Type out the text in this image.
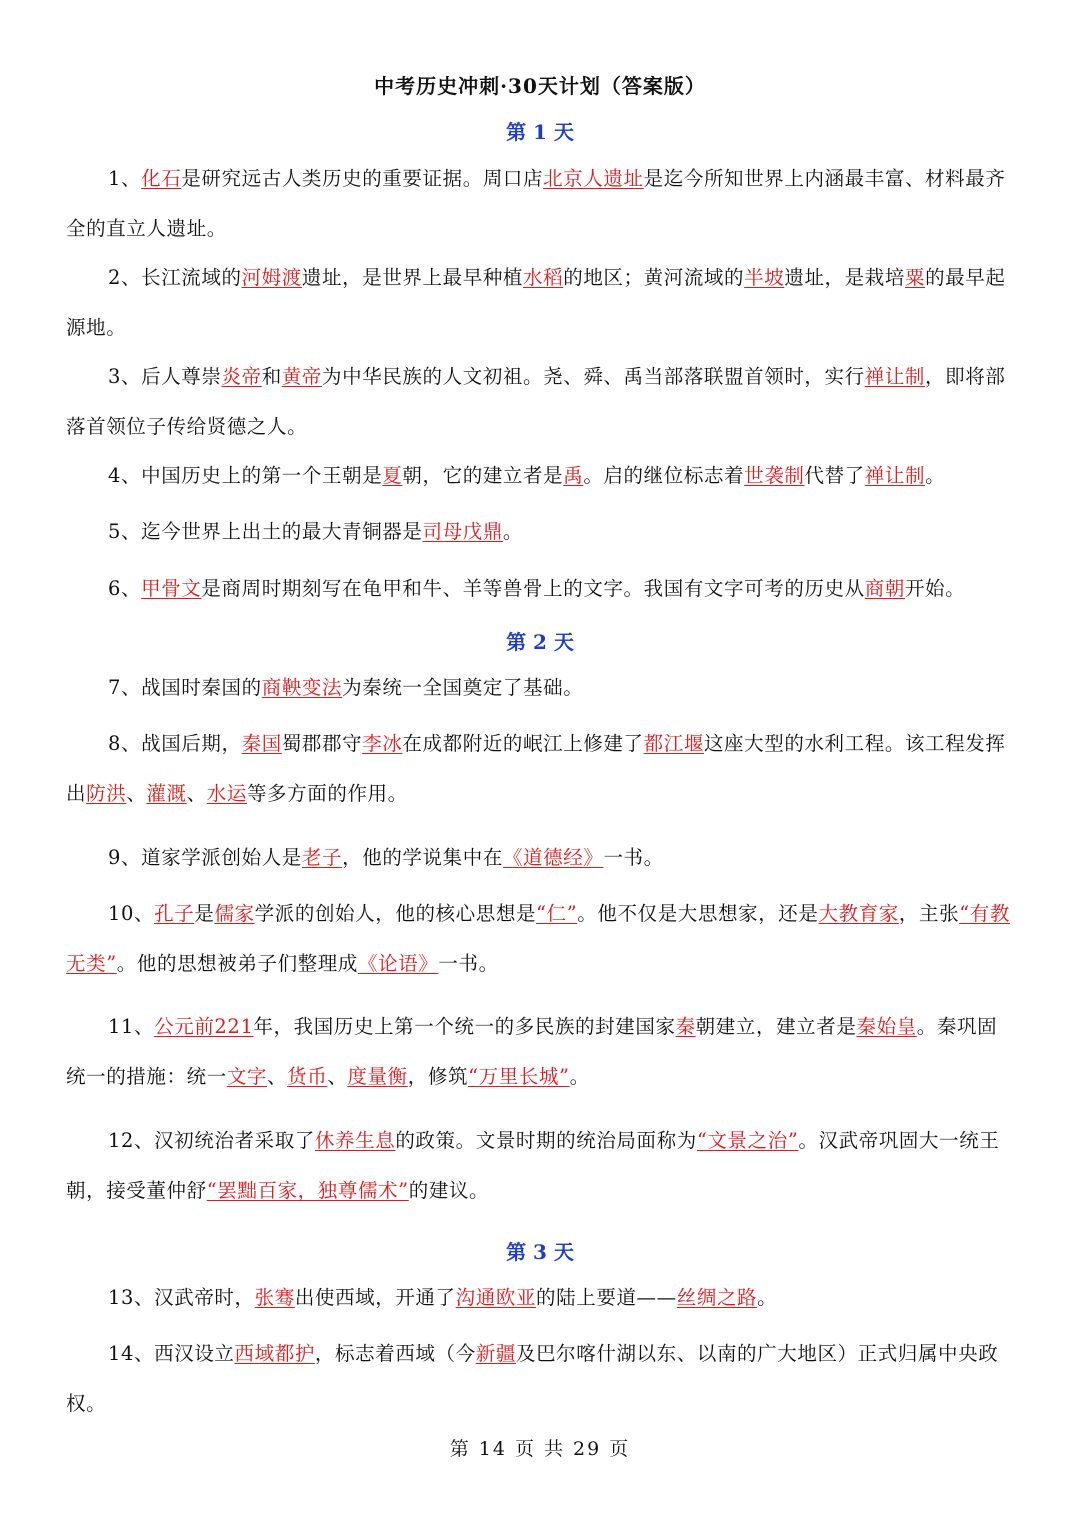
中考历史冲刺·30天计划（答案版）
第 1 天
1、化石是研究远古人类历史的重要证据。周口店北京人遗址是迄今所知世界上内涵最丰富、材料最齐全的直立人遗址。
2、长江流域的河姆渡遗址，是世界上最早种植水稻的地区；黄河流域的半坡遗址，是栽培粟的最早起源地。
3、后人尊崇炎帝和黄帝为中华民族的人文初祖。尧、舜、禹当部落联盟首领时，实行禅让制，即将部落首领位子传给贤德之人。
4、中国历史上的第一个王朝是夏朝，它的建立者是禹。启的继位标志着世袭制代替了禅让制。
5、迄今世界上出土的最大青铜器是司母戊鼎。
6、甲骨文是商周时期刻写在龟甲和牛、羊等兽骨上的文字。我国有文字可考的历史从商朝开始。
第 2 天
7、战国时秦国的商鞅变法为秦统一全国奠定了基础。
8、战国后期，秦国蜀郡郡守李冰在成都附近的岷江上修建了都江堰这座大型的水利工程。该工程发挥出防洪、灌溉、水运等多方面的作用。
9、道家学派创始人是老子，他的学说集中在《道德经》一书。
10、孔子是儒家学派的创始人，他的核心思想是“仁”。他不仅是大思想家，还是大教育家，主张“有教无类”。他的思想被弟子们整理成《论语》一书。
11、公元前221年，我国历史上第一个统一的多民族的封建国家秦朝建立，建立者是秦始皇。秦巩固统一的措施：统一文字、货币、度量衡，修筑“万里长城”。
12、汉初统治者采取了休养生息的政策。文景时期的统治局面称为“文景之治”。汉武帝巩固大一统王朝，接受董仲舒“罢黜百家，独尊儒术”的建议。
第 3 天
13、汉武帝时，张骞出使西域，开通了沟通欧亚的陆上要道——丝绸之路。
14、西汉设立西域都护，标志着西域（今新疆及巴尔喀什湖以东、以南的广大地区）正式归属中央政权。
第 14 页 共 29 页
